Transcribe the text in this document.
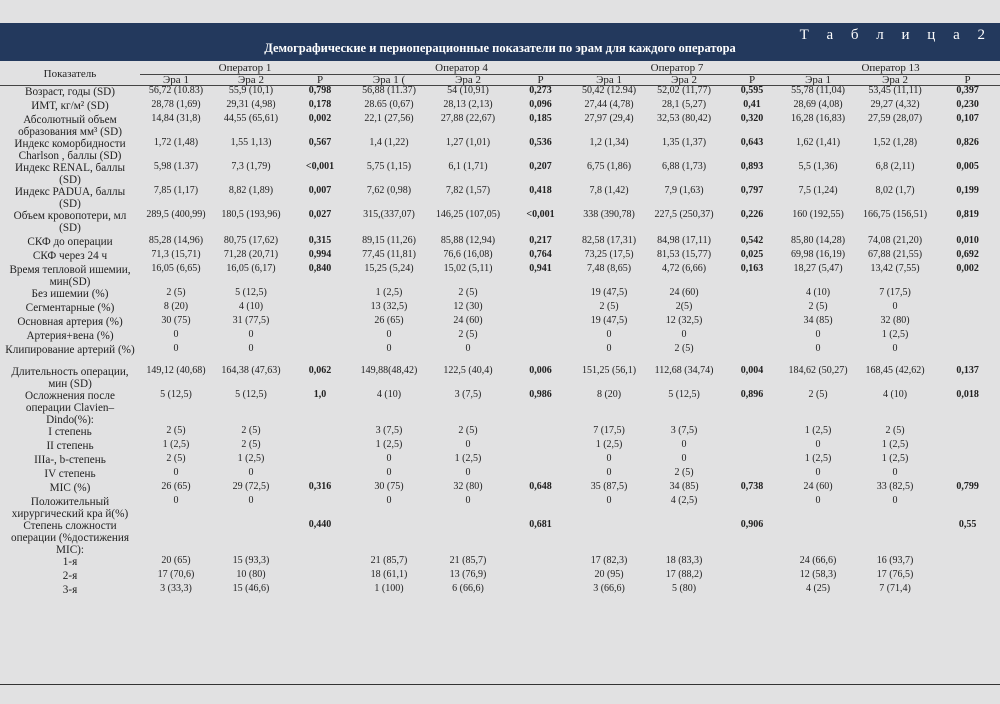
Т а б л и ц а 2
Демографические и периоперационные показатели по эрам для каждого оператора
Показатель	Оператор 1			Оператор 4			Оператор 7			Оператор 13		
	Эра 1	Эра 2	Р	Эра 1 (	Эра 2	Р	Эра 1	Эра 2	Р	Эра 1	Эра 2	Р
Возраст, годы (SD)	56,72 (10.83)	55,9 (10,1)	0,798	56,88 (11.37)	54 (10,91)	0,273	50,42 (12.94)	52,02 (11,77)	0,595	55,78 (11,04)	53,45 (11,11)	0,397
ИМТ, кг/м² (SD)	28,78 (1,69)	29,31 (4,98)	0,178	28.65 (0,67)	28,13 (2,13)	0,096	27,44 (4,78)	28,1 (5,27)	0,41	28,69 (4,08)	29,27 (4,32)	0,230
Абсолютный объем образования мм³ (SD)	14,84 (31,8)	44,55 (65,61)	0,002	22,1 (27,56)	27,88 (22,67)	0,185	27,97 (29,4)	32,53 (80,42)	0,320	16,28 (16,83)	27,59 (28,07)	0,107
Индекс коморбидности Charlson , баллы (SD)	1,72 (1,48)	1,55 1,13)	0,567	1,4 (1,22)	1,27 (1,01)	0,536	1,2 (1,34)	1,35 (1,37)	0,643	1,62 (1,41)	1,52 (1,28)	0,826
Индекс RENAL, баллы (SD)	5,98 (1.37)	7,3 (1,79)	<0,001	5,75 (1,15)	6,1 (1,71)	0,207	6,75 (1,86)	6,88 (1,73)	0,893	5,5 (1,36)	6,8 (2,11)	0,005
Индекс PADUA, баллы (SD)	7,85 (1,17)	8,82 (1,89)	0,007	7,62 (0,98)	7,82 (1,57)	0,418	7,8 (1,42)	7,9 (1,63)	0,797	7,5 (1,24)	8,02 (1,7)	0,199
Объем кровопотери, мл (SD)	289,5 (400,99)	180,5 (193,96)	0,027	315,(337,07)	146,25 (107,05)	<0,001	338 (390,78)	227,5 (250,37)	0,226	160 (192,55)	166,75 (156,51)	0,819
СКФ до операции	85,28 (14,96)	80,75 (17,62)	0,315	89,15 (11,26)	85,88 (12,94)	0,217	82,58 (17,31)	84,98 (17,11)	0,542	85,80 (14,28)	74,08 (21,20)	0,010
СКФ через 24 ч	71,3 (15,71)	71,28 (20,71)	0,994	77,45 (11,81)	76,6 (16,08)	0,764	73,25 (17,5)	81,53 (15,77)	0,025	69,98 (16,19)	67,88 (21,55)	0,692
Время тепловой ишемии, мин(SD)	16,05 (6,65)	16,05 (6,17)	0,840	15,25 (5,24)	15,02 (5,11)	0,941	7,48 (8,65)	4,72 (6,66)	0,163	18,27 (5,47)	13,42 (7,55)	0,002
Без ишемии (%)	2 (5)	5 (12,5)		1 (2,5)	2 (5)		19 (47,5)	24 (60)		4 (10)	7 (17,5)	
Сегментарные (%)	8 (20)	4 (10)		13 (32,5)	12 (30)		2 (5)	2(5)		2 (5)	0	
Основная артерия (%)	30 (75)	31 (77,5)		26 (65)	24 (60)		19 (47,5)	12 (32,5)		34 (85)	32 (80)	
Артерия+вена (%)	0	0		0	2 (5)		0	0		0	1 (2,5)	
Клипирование артерий (%)	0	0		0	0		0	2 (5)		0	0	
Длительность операции, мин (SD)	149,12 (40,68)	164,38 (47,63)	0,062	149,88(48,42)	122,5 (40,4)	0,006	151,25 (56,1)	112,68 (34,74)	0,004	184,62 (50,27)	168,45 (42,62)	0,137
Осложнения после операции Clavien–Dindo(%):	5 (12,5)	5 (12,5)	1,0	4 (10)	3 (7,5)	0,986	8 (20)	5 (12,5)	0,896	2 (5)	4 (10)	0,018
I степень	2 (5)	2 (5)		3 (7,5)	2 (5)		7 (17,5)	3 (7,5)		1 (2,5)	2 (5)	
II степень	1 (2,5)	2 (5)		1 (2,5)	0		1 (2,5)	0		0	1 (2,5)	
IIIa-, b-степень	2 (5)	1 (2,5)		0	1 (2,5)		0	0		1 (2,5)	1 (2,5)	
IV степень	0	0		0	0		0	2 (5)		0	0	
MIC (%)	26 (65)	29 (72,5)	0,316	30 (75)	32 (80)	0,648	35 (87,5)	34 (85)	0,738	24 (60)	33 (82,5)	0,799
Положительный хирургический кра й(%)	0	0		0	0		0	4 (2,5)		0	0	
Степень сложности операции (%достижения MIC):			0,440			0,681			0,906			0,55
1-я	20 (65)	15 (93,3)		21 (85,7)	21 (85,7)		17 (82,3)	18 (83,3)		24 (66,6)	16 (93,7)	
2-я	17 (70,6)	10 (80)		18 (61,1)	13 (76,9)		20 (95)	17 (88,2)		12 (58,3)	17 (76,5)	
3-я	3 (33,3)	15 (46,6)		1 (100)	6 (66,6)		3 (66,6)	5 (80)		4 (25)	7 (71,4)	
